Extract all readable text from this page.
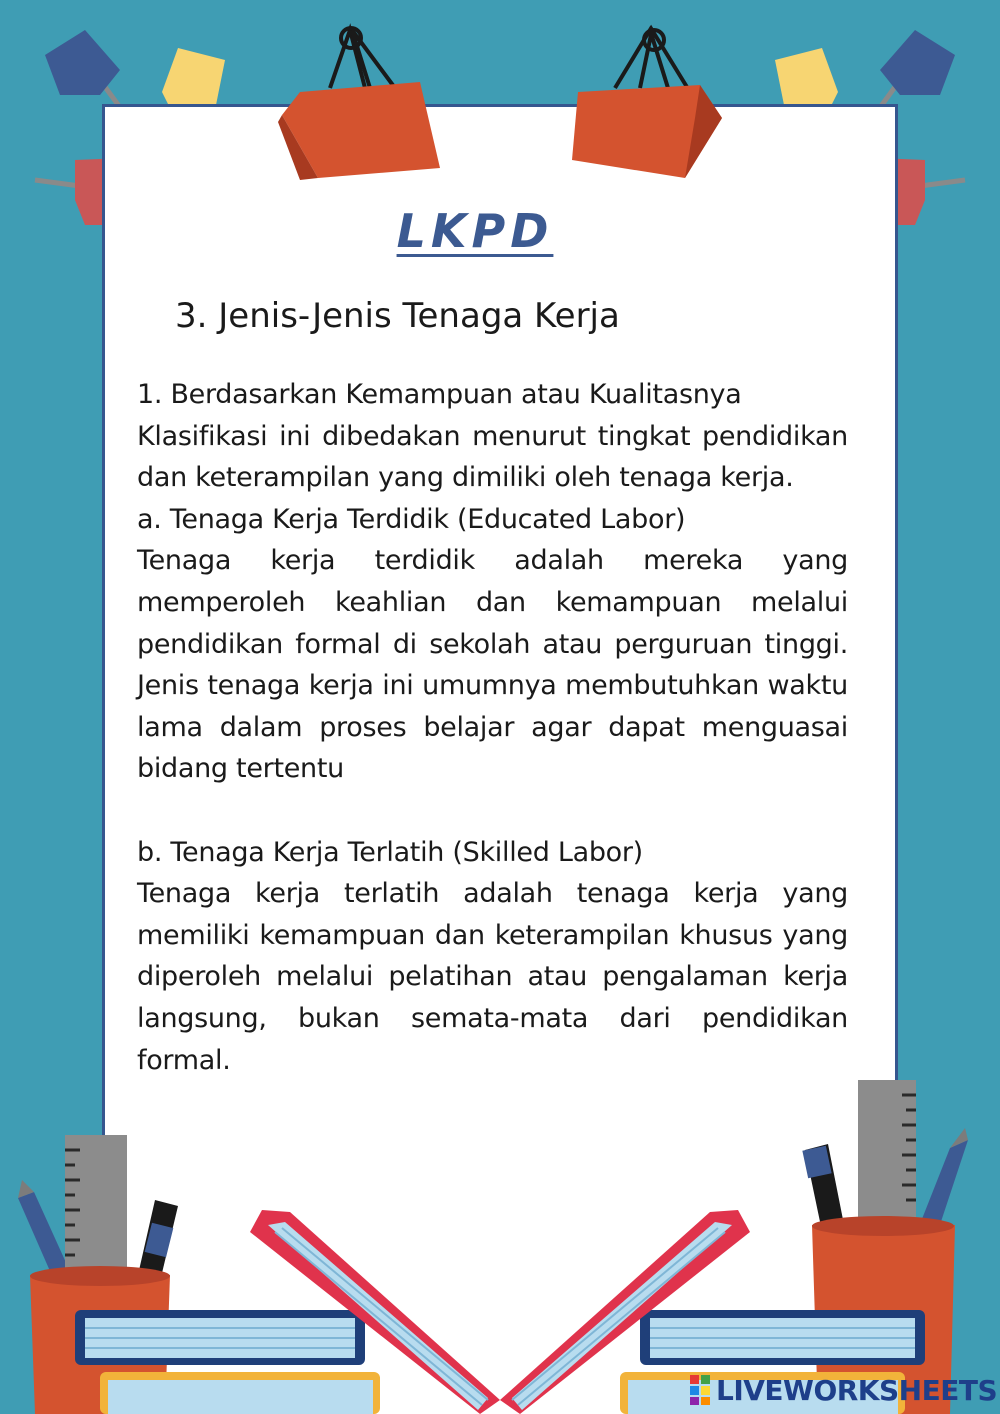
LKPD
3. Jenis-Jenis Tenaga Kerja

1. Berdasarkan Kemampuan atau Kualitasnya

Klasifikasi ini dibedakan menurut tingkat pendidikan dan keterampilan yang dimiliki oleh tenaga kerja.

a. Tenaga Kerja Terdidik (Educated Labor)

Tenaga kerja terdidik adalah mereka yang memperoleh keahlian dan kemampuan melalui pendidikan formal di sekolah atau perguruan tinggi. Jenis tenaga kerja ini umumnya membutuhkan waktu lama dalam proses belajar agar dapat menguasai bidang tertentu

b. Tenaga Kerja Terlatih (Skilled Labor)

Tenaga kerja terlatih adalah tenaga kerja yang memiliki kemampuan dan keterampilan khusus yang diperoleh melalui pelatihan atau pengalaman kerja langsung, bukan semata-mata dari pendidikan formal.

LIVEWORKSHEETS
